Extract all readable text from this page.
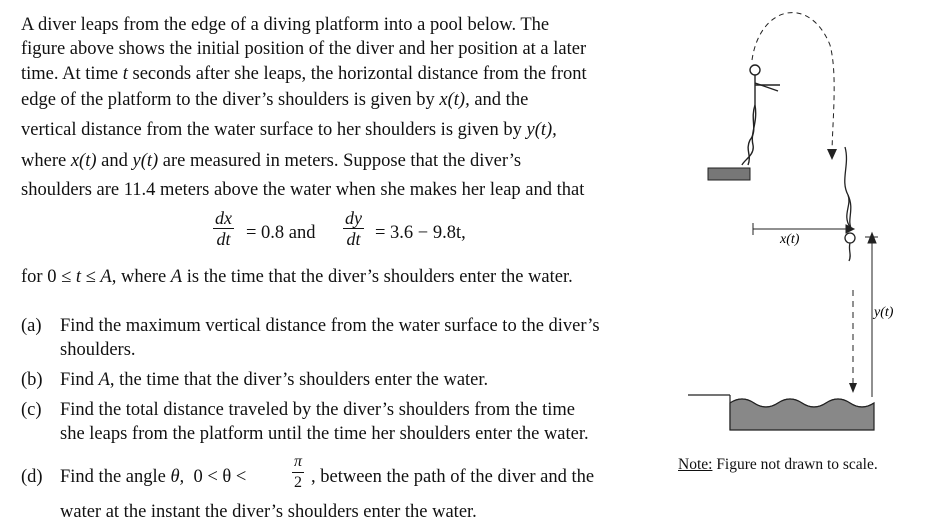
A diver leaps from the edge of a diving platform into a pool below. The
figure above shows the initial position of the diver and her position at a later
time. At time t seconds after she leaps, the horizontal distance from the front
edge of the platform to the diver’s shoulders is given by x(t), and the
vertical distance from the water surface to her shoulders is given by y(t),
where x(t) and y(t) are measured in meters. Suppose that the diver’s
shoulders are 11.4 meters above the water when she makes her leap and that
$\frac{dx}{dt} = 0.8$ and $\frac{dy}{dt} = 3.6 - 9.8t$,
for 0 ≤ t ≤ A, where A is the time that the diver’s shoulders enter the water.
(a) Find the maximum vertical distance from the water surface to the diver’s
shoulders.
(b) Find A, the time that the diver’s shoulders enter the water.
(c) Find the total distance traveled by the diver’s shoulders from the time
she leaps from the platform until the time her shoulders enter the water.
(d) Find the angle θ, 0 < θ <	$\frac{\pi}{2}$ , between the path of the diver and the
water at the instant the diver’s shoulders enter the water.
x(t)
y(t)
Note: Figure not drawn to scale.
